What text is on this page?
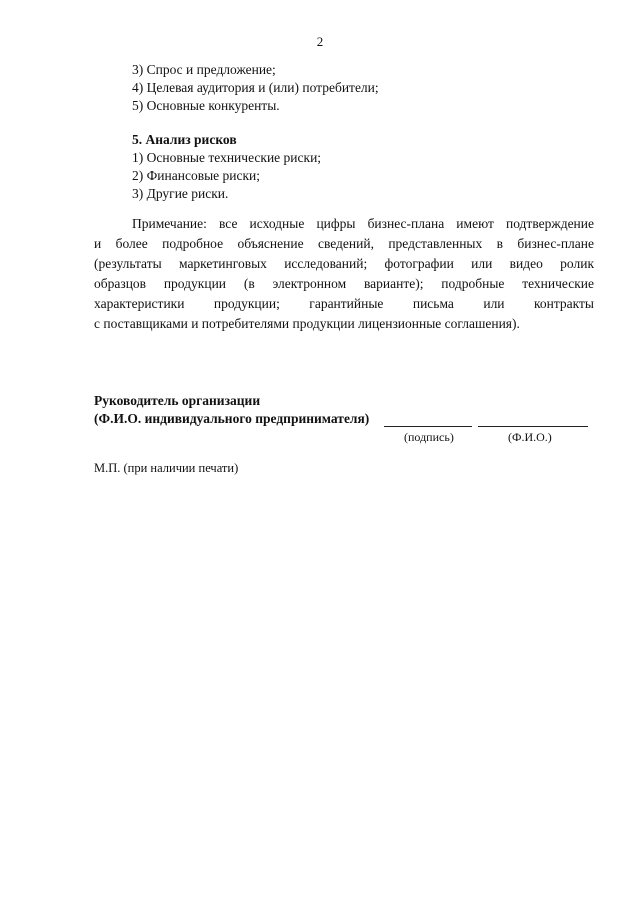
2
3) Спрос и предложение;
4) Целевая аудитория и (или) потребители;
5) Основные конкуренты.
5. Анализ рисков
1) Основные технические риски;
2) Финансовые риски;
3) Другие риски.
Примечание: все исходные цифры бизнес-плана имеют подтверждение
и более подробное объяснение сведений, представленных в бизнес-плане
(результаты маркетинговых исследований; фотографии или видео ролик
образцов продукции (в электронном варианте); подробные технические
характеристики продукции; гарантийные письма или контракты
с поставщиками и потребителями продукции лицензионные соглашения).
Руководитель организации
(Ф.И.О. индивидуального предпринимателя)
(подпись)	(Ф.И.О.)
М.П. (при наличии печати)
